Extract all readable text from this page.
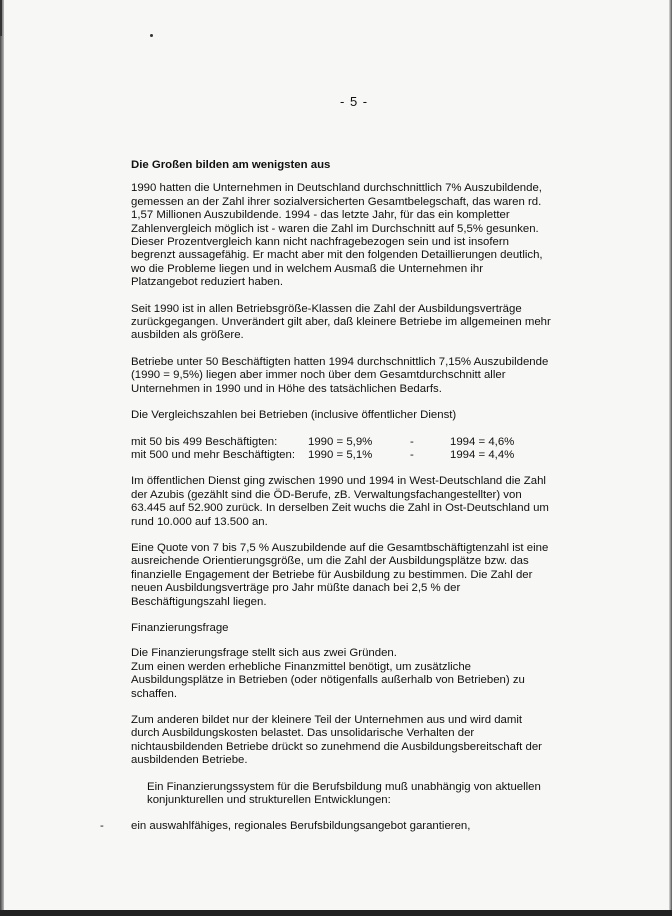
- 5 -
Die Großen bilden am wenigsten aus

1990 hatten die Unternehmen in Deutschland durchschnittlich 7% Auszubildende,
gemessen an der Zahl ihrer sozialversicherten Gesamtbelegschaft, das waren rd.
1,57 Millionen Auszubildende. 1994 - das letzte Jahr, für das ein kompletter
Zahlenvergleich möglich ist - waren die Zahl im Durchschnitt auf 5,5% gesunken.
Dieser Prozentvergleich kann nicht nachfragebezogen sein und ist insofern
begrenzt aussagefähig. Er macht aber mit den folgenden Detaillierungen deutlich,
wo die Probleme liegen und in welchem Ausmaß die Unternehmen ihr
Platzangebot reduziert haben.

Seit 1990 ist in allen Betriebsgröße-Klassen die Zahl der Ausbildungsverträge
zurückgegangen. Unverändert gilt aber, daß kleinere Betriebe im allgemeinen mehr
ausbilden als größere.

Betriebe unter 50 Beschäftigten hatten 1994 durchschnittlich 7,15% Auszubildende
(1990 = 9,5%) liegen aber immer noch über dem Gesamtdurchschnitt aller
Unternehmen in 1990 und in Höhe des tatsächlichen Bedarfs.

Die Vergleichszahlen bei Betrieben (inclusive öffentlicher Dienst)

mit 50 bis 499 Beschäftigten:	1990 = 5,9%	-	1994 = 4,6%
mit 500 und mehr Beschäftigten:	1990 = 5,1%	-	1994 = 4,4%

Im öffentlichen Dienst ging zwischen 1990 und 1994 in West-Deutschland die Zahl
der Azubis (gezählt sind die ÖD-Berufe, zB. Verwaltungsfachangestellter) von
63.445 auf 52.900 zurück. In derselben Zeit wuchs die Zahl in Ost-Deutschland um
rund 10.000 auf 13.500 an.

Eine Quote von 7 bis 7,5 % Auszubildende auf die Gesamtbschäftigtenzahl ist eine
ausreichende Orientierungsgröße, um die Zahl der Ausbildungsplätze bzw. das
finanzielle Engagement der Betriebe für Ausbildung zu bestimmen. Die Zahl der
neuen Ausbildungsverträge pro Jahr müßte danach bei 2,5 % der
Beschäftigungszahl liegen.

Finanzierungsfrage

Die Finanzierungsfrage stellt sich aus zwei Gründen.
Zum einen werden erhebliche Finanzmittel benötigt, um zusätzliche
Ausbildungsplätze in Betrieben (oder nötigenfalls außerhalb von Betrieben) zu
schaffen.

Zum anderen bildet nur der kleinere Teil der Unternehmen aus und wird damit
durch Ausbildungskosten belastet. Das unsolidarische Verhalten der
nichtausbildenden Betriebe drückt so zunehmend die Ausbildungsbereitschaft der
ausbildenden Betriebe.

Ein Finanzierungssystem für die Berufsbildung muß unabhängig von aktuellen
konjunkturellen und strukturellen Entwicklungen:

- ein auswahlfähiges, regionales Berufsbildungsangebot garantieren,
